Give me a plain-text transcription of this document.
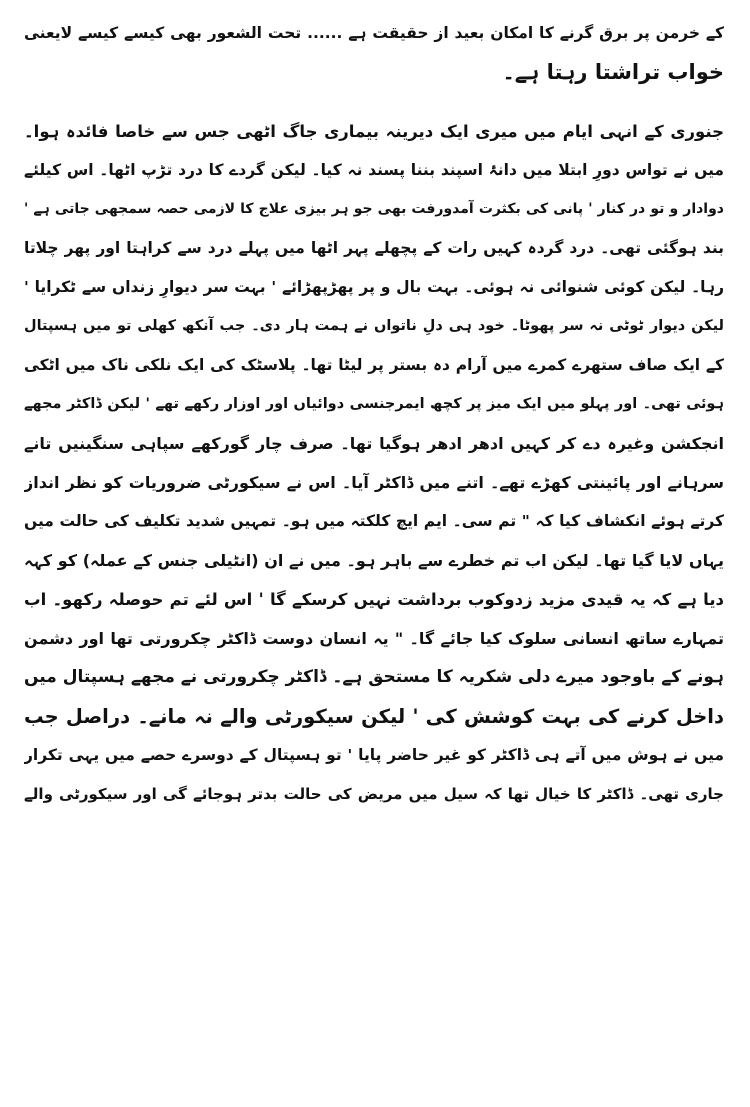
کے خرمن پر برق گرنے کا امکان بعید از حقیقت ہے ...... تحت الشعور بھی کیسے کیسے لایعنی
خواب تراشتا رہتا ہے۔
جنوری کے انہی ایام میں میری ایک دیرینہ بیماری جاگ اٹھی جس سے خاصا فائدہ ہوا۔
میں نے تواس دورِ ابتلا میں دانۂ اسپند بننا پسند نہ کیا۔ لیکن گردے کا درد تڑپ اٹھا۔ اس کیلئے
دوادار و تو در کنار ' پانی کی بکثرت آمدورفت بھی جو ہر بیزی علاج کا لازمی حصہ سمجھی جاتی ہے '
بند ہوگئی تھی۔ درد گردہ کہیں رات کے پچھلے پہر اٹھا میں پہلے درد سے کراہتا اور پھر چلاتا
رہا۔ لیکن کوئی شنوائی نہ ہوئی۔ بہت بال و پر پھڑپھڑائے ' بہت سر دیوارِ زنداں سے ٹکرایا '
لیکن دیوار ٹوٹی نہ سر پھوٹا۔ خود ہی دلِ ناتواں نے ہمت ہار دی۔ جب آنکھ کھلی تو میں ہسپتال
کے ایک صاف ستھرے کمرے میں آرام دہ بستر پر لیٹا تھا۔ پلاسٹک کی ایک نلکی ناک میں اٹکی
ہوئی تھی۔ اور پہلو میں ایک میز پر کچھ ایمرجنسی دوائیاں اور اوزار رکھے تھے ' لیکن ڈاکٹر مجھے
انجکشن وغیرہ دے کر کہیں ادھر ادھر ہوگیا تھا۔ صرف چار گورکھے سپاہی سنگینیں تانے
سرہانے اور پائینتی کھڑے تھے۔ اتنے میں ڈاکٹر آیا۔ اس نے سیکورٹی ضروریات کو نظر انداز
کرتے ہوئے انکشاف کیا کہ " تم سی۔ ایم ایچ کلکتہ میں ہو۔ تمہیں شدید تکلیف کی حالت میں
یہاں لایا گیا تھا۔ لیکن اب تم خطرے سے باہر ہو۔ میں نے ان (انٹیلی جنس کے عملہ) کو کہہ
دیا ہے کہ یہ قیدی مزید زدوکوب برداشت نہیں کرسکے گا ' اس لئے تم حوصلہ رکھو۔ اب
تمہارے ساتھ انسانی سلوک کیا جائے گا۔ " یہ انسان دوست ڈاکٹر چکرورتی تھا اور دشمن
ہونے کے باوجود میرے دلی شکریہ کا مستحق ہے۔ ڈاکٹر چکرورتی نے مجھے ہسپتال میں
داخل کرنے کی بہت کوشش کی ' لیکن سیکورٹی والے نہ مانے۔ دراصل جب
میں نے ہوش میں آتے ہی ڈاکٹر کو غیر حاضر پایا ' تو ہسپتال کے دوسرے حصے میں یہی تکرار
جاری تھی۔ ڈاکٹر کا خیال تھا کہ سیل میں مریض کی حالت بدتر ہوجائے گی اور سیکورٹی والے
